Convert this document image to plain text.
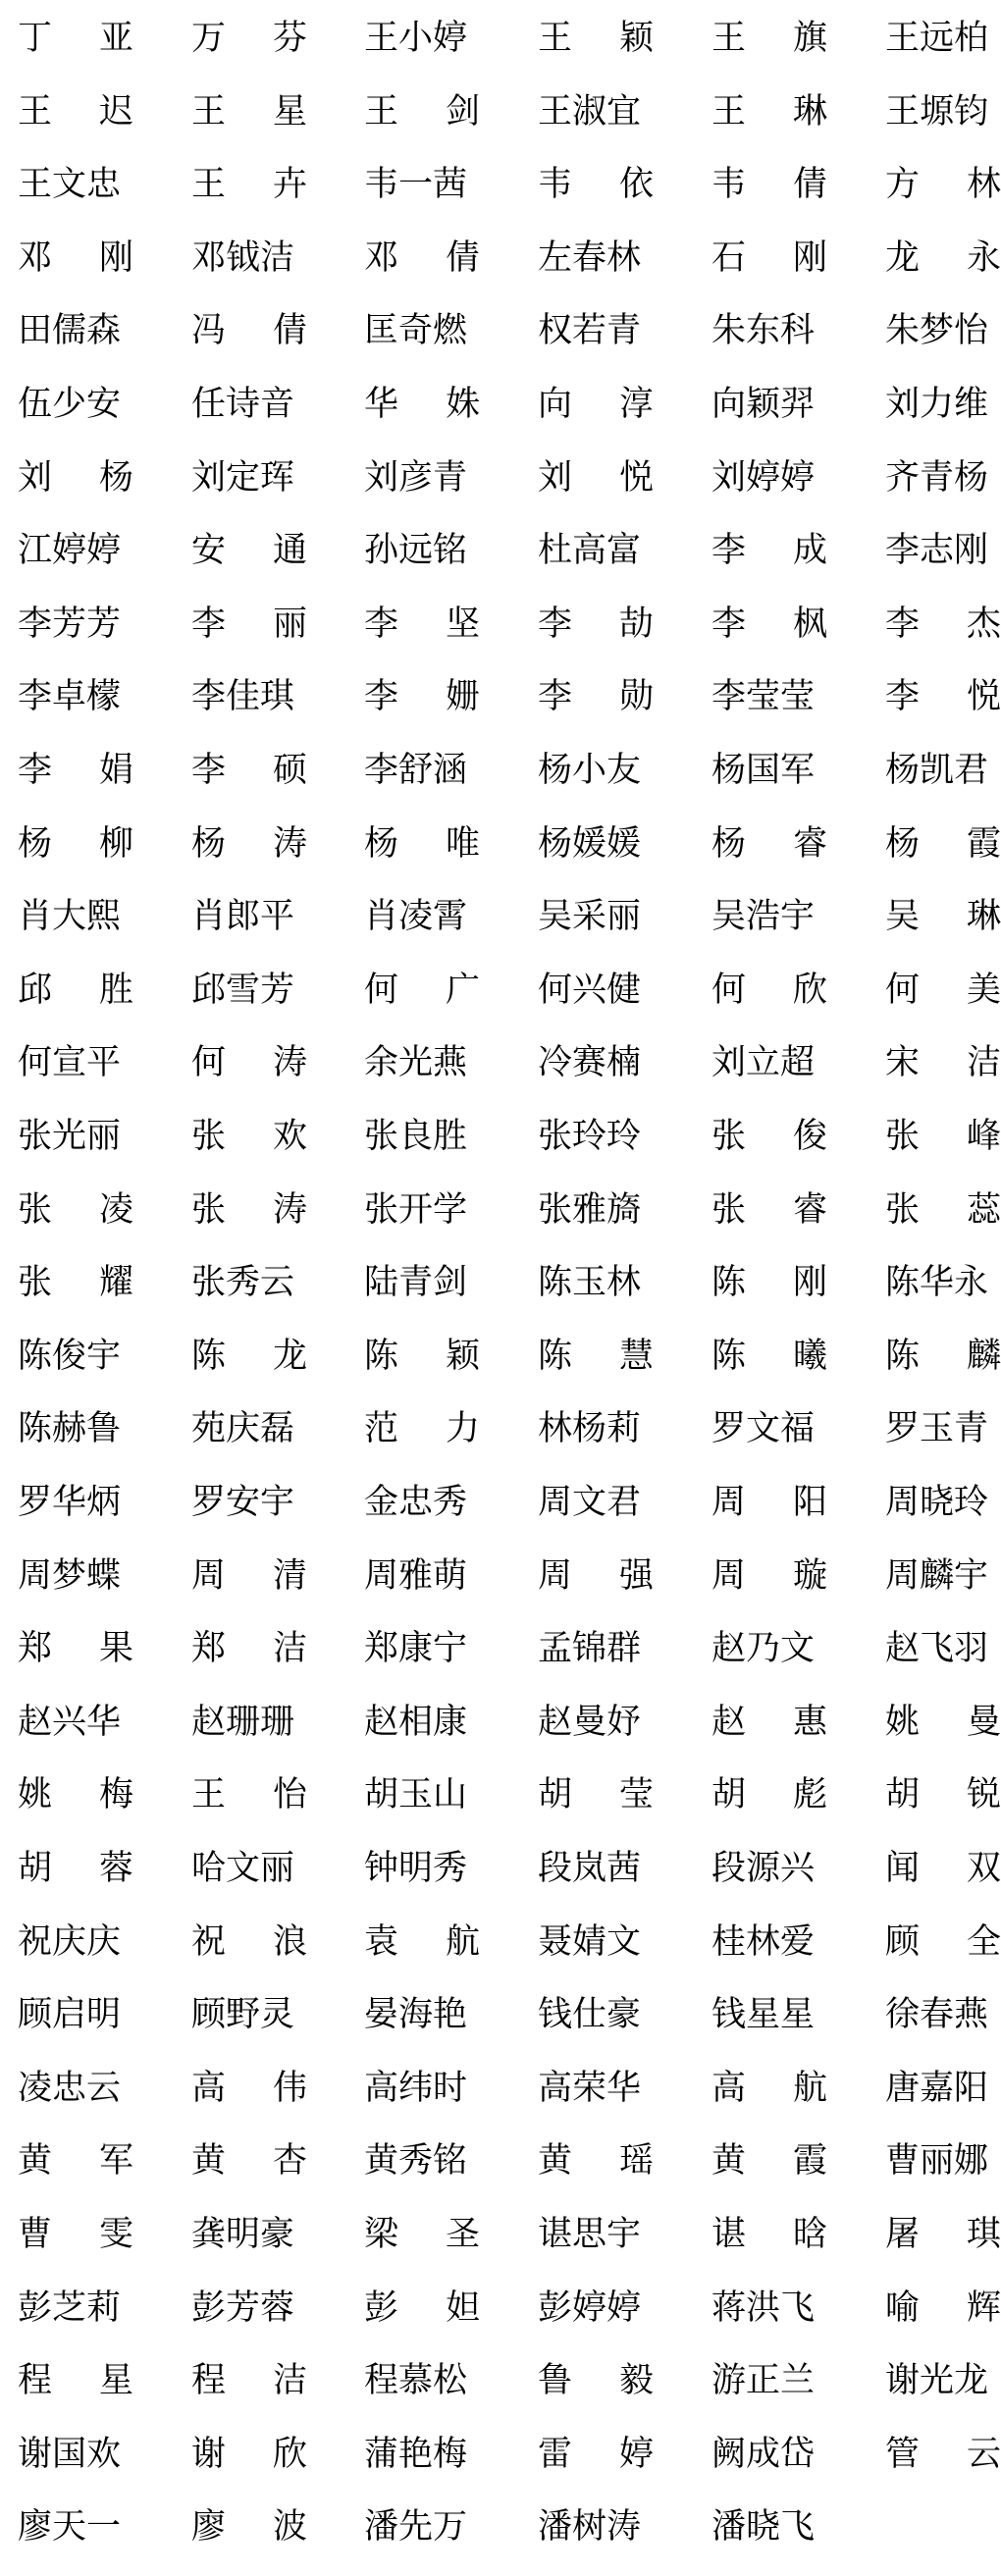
丁 亚 万 芬 王小婷 王 颖 王 旗 王远柏
王 迟 王 星 王 剑 王淑宜 王 琳 王塬钧
王文忠 王 卉 韦一茜 韦 依 韦 倩 方 林
邓 刚 邓钺洁 邓 倩 左春林 石 刚 龙 永
田儒森 冯 倩 匡奇燃 权若青 朱东科 朱梦怡
伍少安 任诗音 华 姝 向 淳 向颖羿 刘力维
刘 杨 刘定珲 刘彦青 刘 悦 刘婷婷 齐青杨
江婷婷 安 通 孙远铭 杜高富 李 成 李志刚
李芳芳 李 丽 李 坚 李 劼 李 枫 李 杰
李卓檬 李佳琪 李 姗 李 勋 李莹莹 李 悦
李 娟 李 硕 李舒涵 杨小友 杨国军 杨凯君
杨 柳 杨 涛 杨 唯 杨媛媛 杨 睿 杨 霞
肖大熙 肖郎平 肖凌霄 吴采丽 吴浩宇 吴 琳
邱 胜 邱雪芳 何 广 何兴健 何 欣 何 美
何宣平 何 涛 余光燕 冷赛楠 刘立超 宋 洁
张光丽 张 欢 张良胜 张玲玲 张 俊 张 峰
张 凌 张 涛 张开学 张雅旖 张 睿 张 蕊
张 耀 张秀云 陆青剑 陈玉林 陈 刚 陈华永
陈俊宇 陈 龙 陈 颖 陈 慧 陈 曦 陈 麟
陈赫鲁 苑庆磊 范 力 林杨莉 罗文福 罗玉青
罗华炳 罗安宇 金忠秀 周文君 周 阳 周晓玲
周梦蝶 周 清 周雅萌 周 强 周 璇 周麟宇
郑 果 郑 洁 郑康宁 孟锦群 赵乃文 赵飞羽
赵兴华 赵珊珊 赵相康 赵曼妤 赵 惠 姚 曼
姚 梅 王 怡 胡玉山 胡 莹 胡 彪 胡 锐
胡 蓉 哈文丽 钟明秀 段岚茜 段源兴 闻 双
祝庆庆 祝 浪 袁 航 聂婧文 桂林爱 顾 全
顾启明 顾野灵 晏海艳 钱仕豪 钱星星 徐春燕
凌忠云 高 伟 高纬时 高荣华 高 航 唐嘉阳
黄 军 黄 杏 黄秀铭 黄 瑶 黄 霞 曹丽娜
曹 雯 龚明豪 梁 圣 谌思宇 谌 晗 屠 琪
彭芝莉 彭芳蓉 彭 妲 彭婷婷 蒋洪飞 喻 辉
程 星 程 洁 程慕松 鲁 毅 游正兰 谢光龙
谢国欢 谢 欣 蒲艳梅 雷 婷 阙成岱 管 云
廖天一 廖 波 潘先万 潘树涛 潘晓飞
